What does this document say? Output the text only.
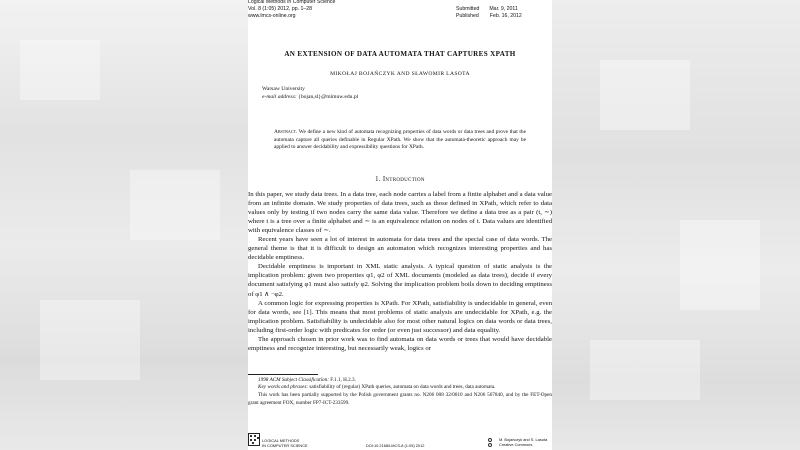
Logical Methods in Computer Science
Vol. 8 (1:05) 2012, pp. 1–28
www.lmcs-online.org
Submitted Mar. 9, 2011
Published Feb. 16, 2012
AN EXTENSION OF DATA AUTOMATA THAT CAPTURES XPATH
MIKOŁAJ BOJAŃCZYK AND SŁAWOMIR LASOTA
Warsaw University
e-mail address: {bojan,sl}@mimuw.edu.pl
Abstract. We define a new kind of automata recognizing properties of data words or data trees and prove that the automata capture all queries definable in Regular XPath. We show that the automata-theoretic approach may be applied to answer decidability and expressibility questions for XPath.
1. Introduction

In this paper, we study data trees. In a data tree, each node carries a label from a finite alphabet and a data value from an infinite domain. We study properties of data trees, such as those defined in XPath, which refer to data values only by testing if two nodes carry the same data value. Therefore we define a data tree as a pair (t, ∼) where t is a tree over a finite alphabet and ∼ is an equivalence relation on nodes of t. Data values are identified with equivalence classes of ∼.

Recent years have seen a lot of interest in automata for data trees and the special case of data words. The general theme is that it is difficult to design an automaton which recognizes interesting properties and has decidable emptiness.

Decidable emptiness is important in XML static analysis. A typical question of static analysis is the implication problem: given two properties φ1, φ2 of XML documents (modeled as data trees), decide if every document satisfying φ1 must also satisfy φ2. Solving the implication problem boils down to deciding emptiness of φ1 ∧ ¬φ2.

A common logic for expressing properties is XPath. For XPath, satisfiability is undecidable in general, even for data words, see [1]. This means that most problems of static analysis are undecidable for XPath, e.g. the implication problem. Satisfiability is undecidable also for most other natural logics on data words or data trees, including first-order logic with predicates for order (or even just successor) and data equality.

The approach chosen in prior work was to find automata on data words or trees that would have decidable emptiness and recognize interesting, but necessarily weak, logics or

1998 ACM Subject Classification: F.1.1, H.2.3.

Key words and phrases: satisfiability of (regular) XPath queries, automata on data words and trees, data automata.

This work has been partially supported by the Polish government grants no. N206 008 32/0810 and N206 567840, and by the FET-Open grant agreement FOX, number FP7-ICT-233599.

LOGICAL METHODS
IN COMPUTER SCIENCE	DOI:10.2168/LMCS-8 (1:05) 2012
M. Bojańczyk and S. Lasota
Creative Commons
